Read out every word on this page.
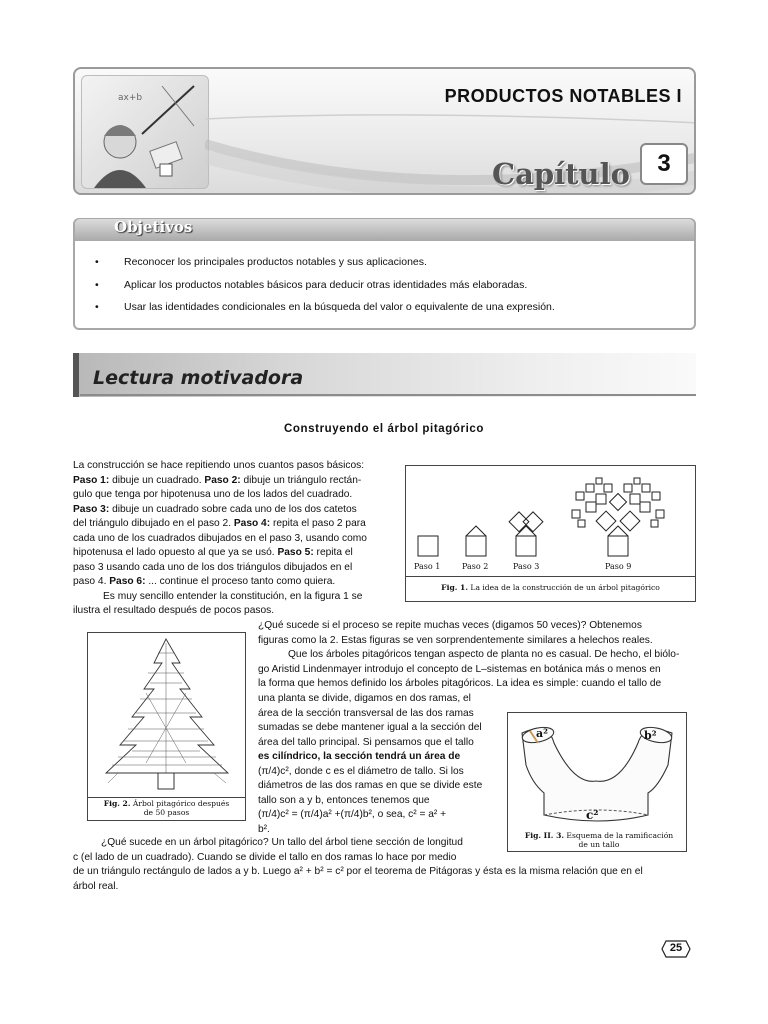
ax+b	PRODUCTOS NOTABLES I
Capítulo	3
Objetivos
• Reconocer los principales productos notables y sus aplicaciones.
• Aplicar los productos notables básicos para deducir otras identidades más elaboradas.
• Usar las identidades condicionales en la búsqueda del valor o equivalente de una expresión.
Lectura motivadora
Construyendo el árbol pitagórico
La construcción se hace repitiendo unos cuantos pasos básicos:
Paso 1: dibuje un cuadrado. Paso 2: dibuje un triángulo rectán-
gulo que tenga por hipotenusa uno de los lados del cuadrado.
Paso 3: dibuje un cuadrado sobre cada uno de los dos catetos
del triángulo dibujado en el paso 2. Paso 4: repita el paso 2 para
cada uno de los cuadrados dibujados en el paso 3, usando como
hipotenusa el lado opuesto al que ya se usó. Paso 5: repita el
paso 3 usando cada uno de los dos triángulos dibujados en el
paso 4. Paso 6: ... continue el proceso tanto como quiera.
Es muy sencillo entender la constitución, en la figura 1 se
ilustra el resultado después de pocos pasos.
Paso 1	Paso 2	Paso 3	Paso 9
Fig. 1. La idea de la construcción de un árbol pitagórico
¿Qué sucede si el proceso se repite muchas veces (digamos 50 veces)? Obtenemos
figuras como la 2. Estas figuras se ven sorprendentemente similares a helechos reales.
Que los árboles pitagóricos tengan aspecto de planta no es casual. De hecho, el biólo-
go Aristid Lindenmayer introdujo el concepto de L–sistemas en botánica más o menos en
la forma que hemos definido los árboles pitagóricos. La idea es simple: cuando el tallo de
Fig. 2. Árbol pitagórico después
de 50 pasos
una planta se divide, digamos en dos ramas, el
área de la sección transversal de las dos ramas
sumadas se debe mantener igual a la sección del
área del tallo principal. Si pensamos que el tallo
es cilíndrico, la sección tendrá un área de
(π/4)c², donde c es el diámetro de tallo. Si los
diámetros de las dos ramas en que se divide este
tallo son a y b, entonces tenemos que
(π/4)c² = (π/4)a² +(π/4)b², o sea, c² = a² +
b².
a²	b²
c²
Fig. II. 3. Esquema de la ramificación
de un tallo
¿Qué sucede en un árbol pitagórico? Un tallo del árbol tiene sección de longitud
c (el lado de un cuadrado). Cuando se divide el tallo en dos ramas lo hace por medio
de un triángulo rectángulo de lados a y b. Luego a² + b² = c² por el teorema de Pitágoras y ésta es la misma relación que en el
árbol real.
25
